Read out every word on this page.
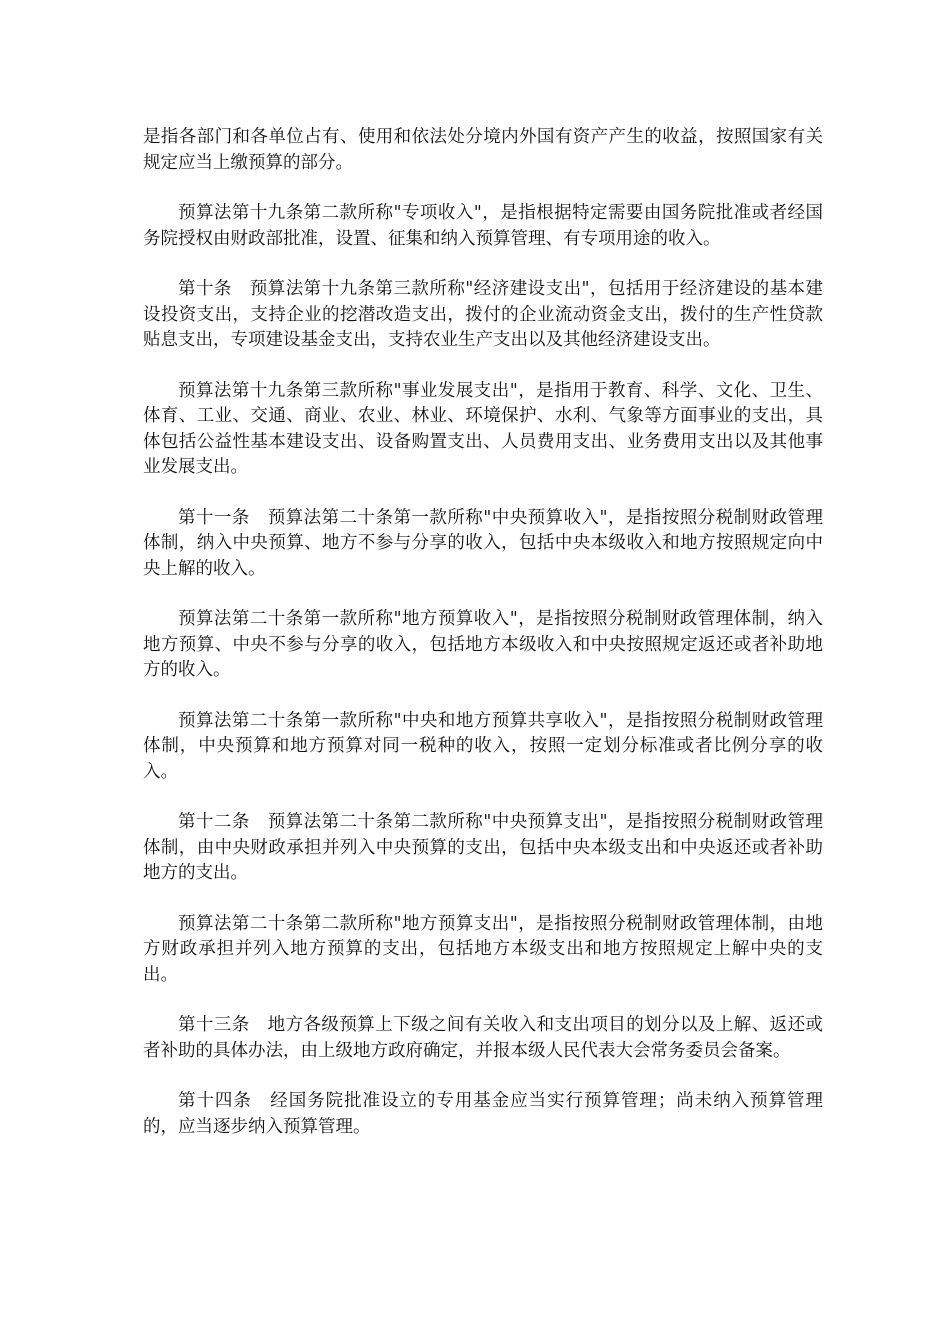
是指各部门和各单位占有、使用和依法处分境内外国有资产产生的收益，按照国家有关规定应当上缴预算的部分。

预算法第十九条第二款所称"专项收入"，是指根据特定需要由国务院批准或者经国务院授权由财政部批准，设置、征集和纳入预算管理、有专项用途的收入。

第十条　预算法第十九条第三款所称"经济建设支出"，包括用于经济建设的基本建设投资支出，支持企业的挖潜改造支出，拨付的企业流动资金支出，拨付的生产性贷款贴息支出，专项建设基金支出，支持农业生产支出以及其他经济建设支出。

预算法第十九条第三款所称"事业发展支出"，是指用于教育、科学、文化、卫生、体育、工业、交通、商业、农业、林业、环境保护、水利、气象等方面事业的支出，具体包括公益性基本建设支出、设备购置支出、人员费用支出、业务费用支出以及其他事业发展支出。

第十一条　预算法第二十条第一款所称"中央预算收入"，是指按照分税制财政管理体制，纳入中央预算、地方不参与分享的收入，包括中央本级收入和地方按照规定向中央上解的收入。

预算法第二十条第一款所称"地方预算收入"，是指按照分税制财政管理体制，纳入地方预算、中央不参与分享的收入，包括地方本级收入和中央按照规定返还或者补助地方的收入。

预算法第二十条第一款所称"中央和地方预算共享收入"，是指按照分税制财政管理体制，中央预算和地方预算对同一税种的收入，按照一定划分标准或者比例分享的收入。

第十二条　预算法第二十条第二款所称"中央预算支出"，是指按照分税制财政管理体制，由中央财政承担并列入中央预算的支出，包括中央本级支出和中央返还或者补助地方的支出。

预算法第二十条第二款所称"地方预算支出"，是指按照分税制财政管理体制，由地方财政承担并列入地方预算的支出，包括地方本级支出和地方按照规定上解中央的支出。

第十三条　地方各级预算上下级之间有关收入和支出项目的划分以及上解、返还或者补助的具体办法，由上级地方政府确定，并报本级人民代表大会常务委员会备案。

第十四条　经国务院批准设立的专用基金应当实行预算管理；尚未纳入预算管理的，应当逐步纳入预算管理。
